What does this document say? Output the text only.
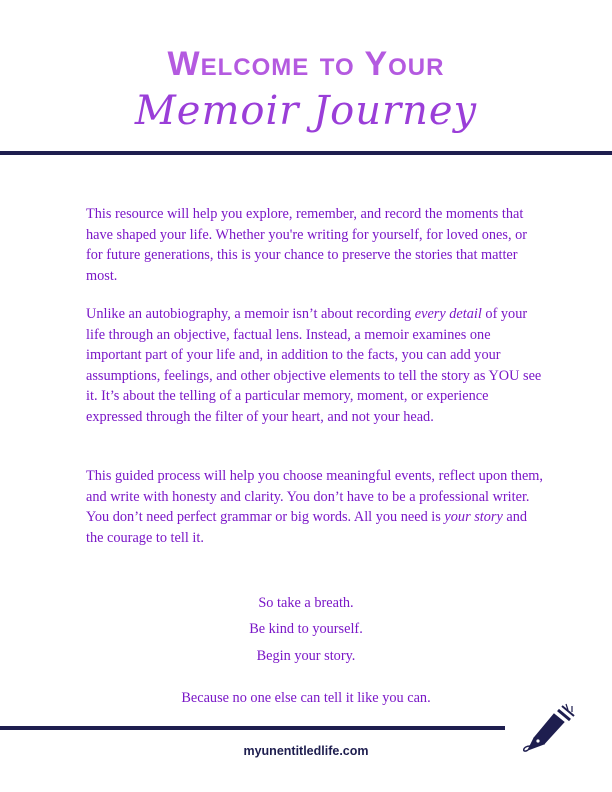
Welcome to Your
Memoir Journey

This resource will help you explore, remember, and record the moments that have shaped your life. Whether you're writing for yourself, for loved ones, or for future generations, this is your chance to preserve the stories that matter most.

Unlike an autobiography, a memoir isn’t about recording every detail of your life through an objective, factual lens. Instead, a memoir examines one important part of your life and, in addition to the facts, you can add your assumptions, feelings, and other objective elements to tell the story as YOU see it. It’s about the telling of a particular memory, moment, or experience expressed through the filter of your heart, and not your head.

This guided process will help you choose meaningful events, reflect upon them, and write with honesty and clarity. You don’t have to be a professional writer. You don’t need perfect grammar or big words. All you need is your story and the courage to tell it.

So take a breath.
Be kind to yourself.
Begin your story.
Because no one else can tell it like you can.
myunentitledlife.com
